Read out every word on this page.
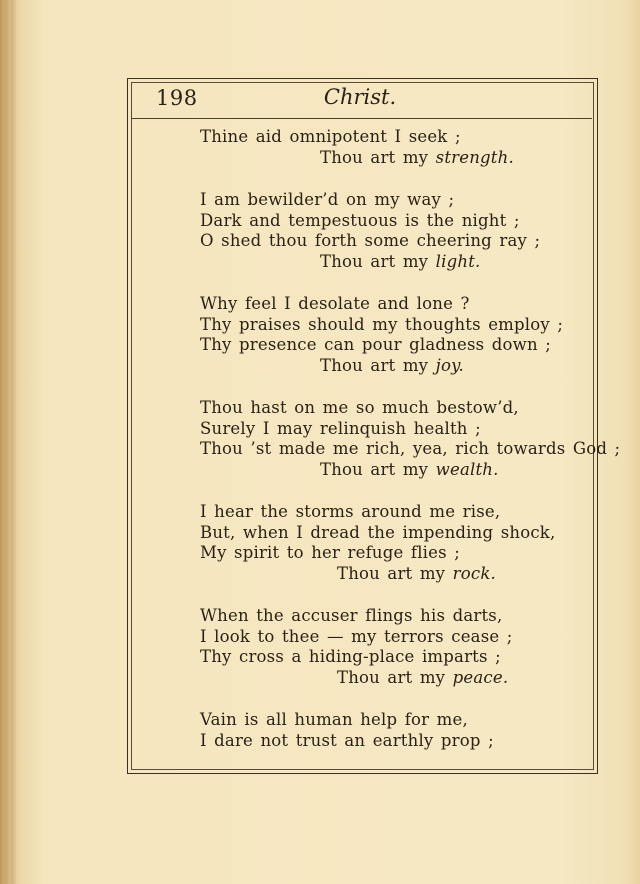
198	Christ.
Thine aid omnipotent I seek ;
Thou art my strength.
I am bewilder’d on my way ;
Dark and tempestuous is the night ;
O shed thou forth some cheering ray ;
Thou art my light.
Why feel I desolate and lone ?
Thy praises should my thoughts employ ;
Thy presence can pour gladness down ;
Thou art my joy.
Thou hast on me so much bestow’d,
Surely I may relinquish health ;
Thou ’st made me rich, yea, rich towards God ;
Thou art my wealth.
I hear the storms around me rise,
But, when I dread the impending shock,
My spirit to her refuge flies ;
Thou art my rock.
When the accuser flings his darts,
I look to thee — my terrors cease ;
Thy cross a hiding-place imparts ;
Thou art my peace.
Vain is all human help for me,
I dare not trust an earthly prop ;
